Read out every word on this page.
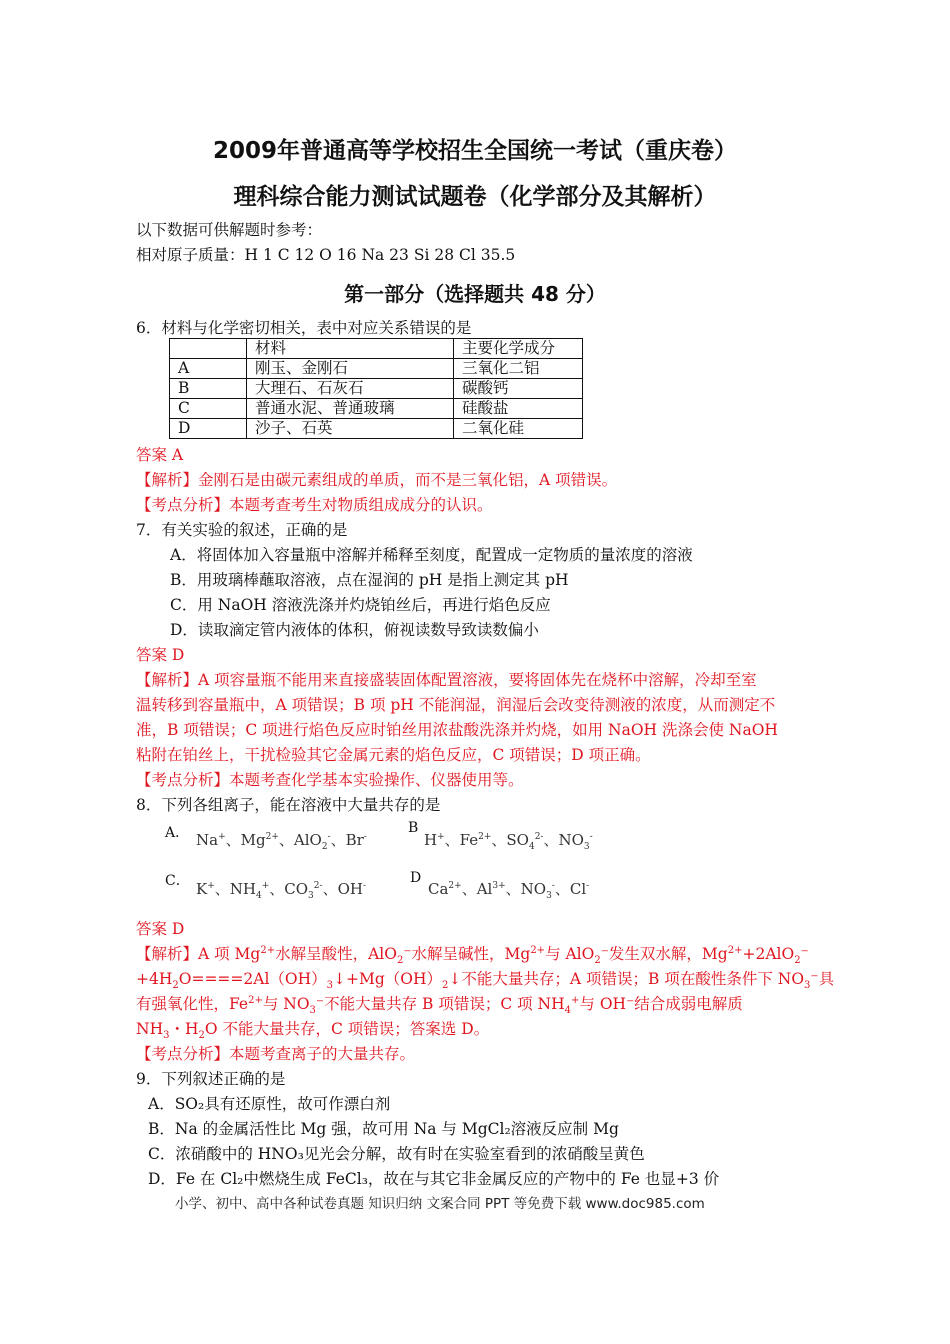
2009年普通高等学校招生全国统一考试（重庆卷）
理科综合能力测试试题卷（化学部分及其解析）
以下数据可供解题时参考：
相对原子质量：H 1 C 12 O 16 Na 23 Si 28 Cl 35.5
第一部分（选择题共 48 分）
6．材料与化学密切相关，表中对应关系错误的是
	材料	主要化学成分
A	刚玉、金刚石	三氧化二铝
B	大理石、石灰石	碳酸钙
C	普通水泥、普通玻璃	硅酸盐
D	沙子、石英	二氧化硅
答案 A
【解析】金刚石是由碳元素组成的单质，而不是三氧化铝，A 项错误。
【考点分析】本题考查考生对物质组成成分的认识。
7．有关实验的叙述，正确的是
A．将固体加入容量瓶中溶解并稀释至刻度，配置成一定物质的量浓度的溶液
B．用玻璃棒蘸取溶液，点在湿润的 pH 是指上测定其 pH
C．用 NaOH 溶液洗涤并灼烧铂丝后，再进行焰色反应
D．读取滴定管内液体的体积，俯视读数导致读数偏小
答案 D
【解析】A 项容量瓶不能用来直接盛装固体配置溶液，要将固体先在烧杯中溶解，冷却至室
温转移到容量瓶中，A 项错误；B 项 pH 不能润湿，润湿后会改变待测液的浓度，从而测定不
准，B 项错误；C 项进行焰色反应时铂丝用浓盐酸洗涤并灼烧，如用 NaOH 洗涤会使 NaOH
粘附在铂丝上，干扰检验其它金属元素的焰色反应，C 项错误；D 项正确。
【考点分析】本题考查化学基本实验操作、仪器使用等。
8．下列各组离子，能在溶液中大量共存的是
A． Na+、$Mg^{2+}$、AlO$_2$-、Br-
B
H+、$Fe^{2+}$、$SO_4^{2-}$、$NO_3^-$
C． K+、$NH_4^+$、$CO_3^{2-}$、OH-	D
$Ca^{2+}$、$Al^{3+}$、$NO_3^-$、Cl-
答案 D
【解析】A 项 $Mg^{2+}$水解呈酸性，AlO$_2$⁻水解呈碱性，$Mg^{2+}$与 AlO$_2$⁻发生双水解，$Mg^{2+}+2AlO_2^-$
$+4H_2O====2Al(OH)_3↓+Mg(OH)_2↓$不能大量共存；A 项错误；B 项在酸性条件下 $NO_3^-$具
有强氧化性，$Fe^{2+}$与 $NO_3^-$不能大量共存 B 项错误；C 项 $NH_4^+$与 OH⁻结合成弱电解质
$NH_3$・$H_2O$ 不能大量共存，C 项错误；答案选 D。
【考点分析】本题考查离子的大量共存。
9．下列叙述正确的是
A．SO₂具有还原性，故可作漂白剂
B．Na 的金属活性比 Mg 强，故可用 Na 与 MgCl₂溶液反应制 Mg
C．浓硝酸中的 HNO₃见光会分解，故有时在实验室看到的浓硝酸呈黄色
D．Fe 在 Cl₂中燃烧生成 FeCl₃，故在与其它非金属反应的产物中的 Fe 也显+3 价
小学、初中、高中各种试卷真题 知识归纳 文案合同 PPT 等免费下载 www.doc985.com
